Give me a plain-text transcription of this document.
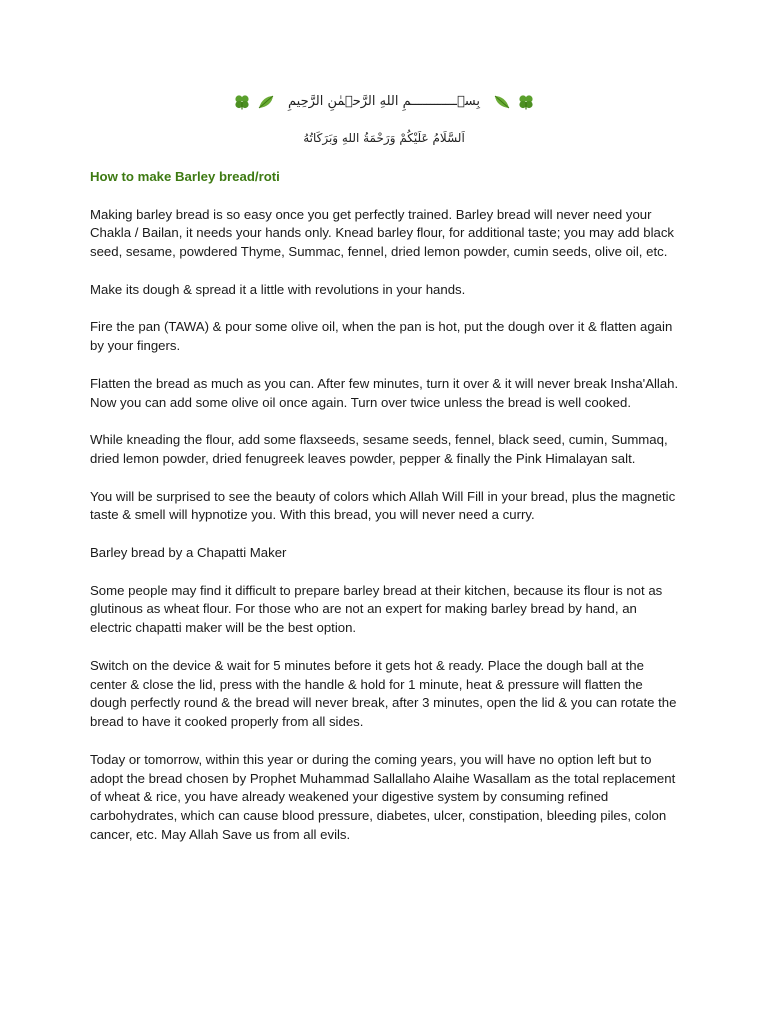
بِسۡــــــــــــمِ اللهِ الرَّحۡمٰنِ الرَّحِيمِ
اَلسَّلَامُ عَلَيْكُمْ وَرَحْمَةُ اللهِ وَبَرَكَاتُهُ
How to make Barley bread/roti

Making barley bread is so easy once you get perfectly trained. Barley bread will never need your Chakla / Bailan, it needs your hands only. Knead barley flour, for additional taste; you may add black seed, sesame, powdered Thyme, Summac, fennel, dried lemon powder, cumin seeds, olive oil, etc.

Make its dough & spread it a little with revolutions in your hands.

Fire the pan (TAWA) & pour some olive oil, when the pan is hot, put the dough over it & flatten again by your fingers.

Flatten the bread as much as you can. After few minutes, turn it over & it will never break Insha'Allah. Now you can add some olive oil once again. Turn over twice unless the bread is well cooked.

While kneading the flour, add some flaxseeds, sesame seeds, fennel, black seed, cumin, Summaq, dried lemon powder, dried fenugreek leaves powder, pepper & finally the Pink Himalayan salt.

You will be surprised to see the beauty of colors which Allah Will Fill in your bread, plus the magnetic taste & smell will hypnotize you. With this bread, you will never need a curry.

Barley bread by a Chapatti Maker

Some people may find it difficult to prepare barley bread at their kitchen, because its flour is not as glutinous as wheat flour. For those who are not an expert for making barley bread by hand, an electric chapatti maker will be the best option.

Switch on the device & wait for 5 minutes before it gets hot & ready. Place the dough ball at the center & close the lid, press with the handle & hold for 1 minute, heat & pressure will flatten the dough perfectly round & the bread will never break, after 3 minutes, open the lid & you can rotate the bread to have it cooked properly from all sides.

Today or tomorrow, within this year or during the coming years, you will have no option left but to adopt the bread chosen by Prophet Muhammad Sallallaho Alaihe Wasallam as the total replacement of wheat & rice, you have already weakened your digestive system by consuming refined carbohydrates, which can cause blood pressure, diabetes, ulcer, constipation, bleeding piles, colon cancer, etc. May Allah Save us from all evils.
